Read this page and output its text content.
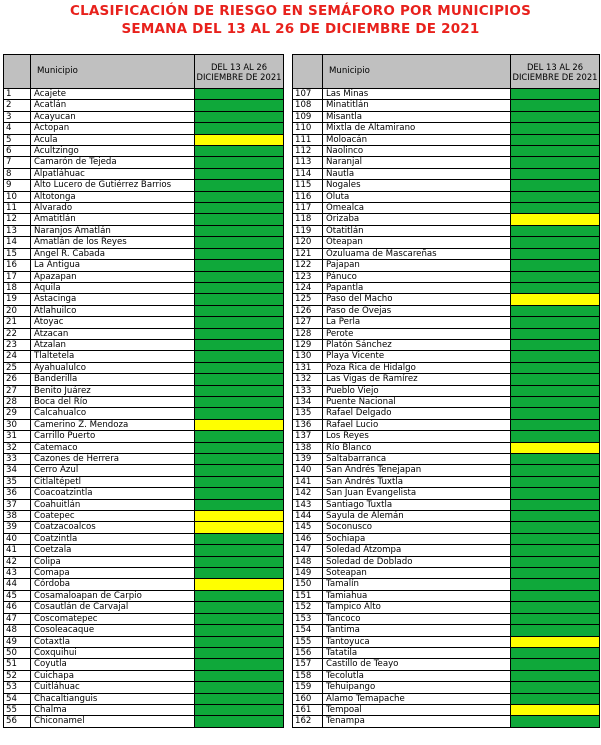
CLASIFICACIÓN DE RIESGO EN SEMÁFORO POR MUNICIPIOS
SEMANA DEL 13 AL 26 DE DICIEMBRE DE 2021
	Municipio	DEL 13 AL 26 DICIEMBRE DE 2021
1	Acajete	
2	Acatlán	
3	Acayucan	
4	Actopan	
5	Acula	
6	Acultzingo	
7	Camarón de Tejeda	
8	Alpatláhuac	
9	Alto Lucero de Gutiérrez Barrios	
10	Altotonga	
11	Alvarado	
12	Amatitlán	
13	Naranjos Amatlán	
14	Amatlán de los Reyes	
15	Angel R. Cabada	
16	La Antigua	
17	Apazapan	
18	Aquila	
19	Astacinga	
20	Atlahuilco	
21	Atoyac	
22	Atzacan	
23	Atzalan	
24	Tlaltetela	
25	Ayahualulco	
26	Banderilla	
27	Benito Juárez	
28	Boca del Río	
29	Calcahualco	
30	Camerino Z. Mendoza	
31	Carrillo Puerto	
32	Catemaco	
33	Cazones de Herrera	
34	Cerro Azul	
35	Citlaltépetl	
36	Coacoatzintla	
37	Coahuitlán	
38	Coatepec	
39	Coatzacoalcos	
40	Coatzintla	
41	Coetzala	
42	Colipa	
43	Comapa	
44	Córdoba	
45	Cosamaloapan de Carpio	
46	Cosautlán de Carvajal	
47	Coscomatepec	
48	Cosoleacaque	
49	Cotaxtla	
50	Coxquihui	
51	Coyutla	
52	Cuichapa	
53	Cuitláhuac	
54	Chacaltianguis	
55	Chalma	
56	Chiconamel	
	Municipio	DEL 13 AL 26 DICIEMBRE DE 2021
107	Las Minas	
108	Minatitlán	
109	Misantla	
110	Mixtla de Altamirano	
111	Moloacán	
112	Naolinco	
113	Naranjal	
114	Nautla	
115	Nogales	
116	Oluta	
117	Omealca	
118	Orizaba	
119	Otatitlán	
120	Oteapan	
121	Ozuluama de Mascareñas	
122	Pajapan	
123	Pánuco	
124	Papantla	
125	Paso del Macho	
126	Paso de Ovejas	
127	La Perla	
128	Perote	
129	Platón Sánchez	
130	Playa Vicente	
131	Poza Rica de Hidalgo	
132	Las Vigas de Ramírez	
133	Pueblo Viejo	
134	Puente Nacional	
135	Rafael Delgado	
136	Rafael Lucio	
137	Los Reyes	
138	Río Blanco	
139	Saltabarranca	
140	San Andrés Tenejapan	
141	San Andrés Tuxtla	
142	San Juan Evangelista	
143	Santiago Tuxtla	
144	Sayula de Alemán	
145	Soconusco	
146	Sochiapa	
147	Soledad Atzompa	
148	Soledad de Doblado	
149	Soteapan	
150	Tamalín	
151	Tamiahua	
152	Tampico Alto	
153	Tancoco	
154	Tantima	
155	Tantoyuca	
156	Tatatila	
157	Castillo de Teayo	
158	Tecolutla	
159	Tehuipango	
160	Álamo Temapache	
161	Tempoal	
162	Tenampa	
